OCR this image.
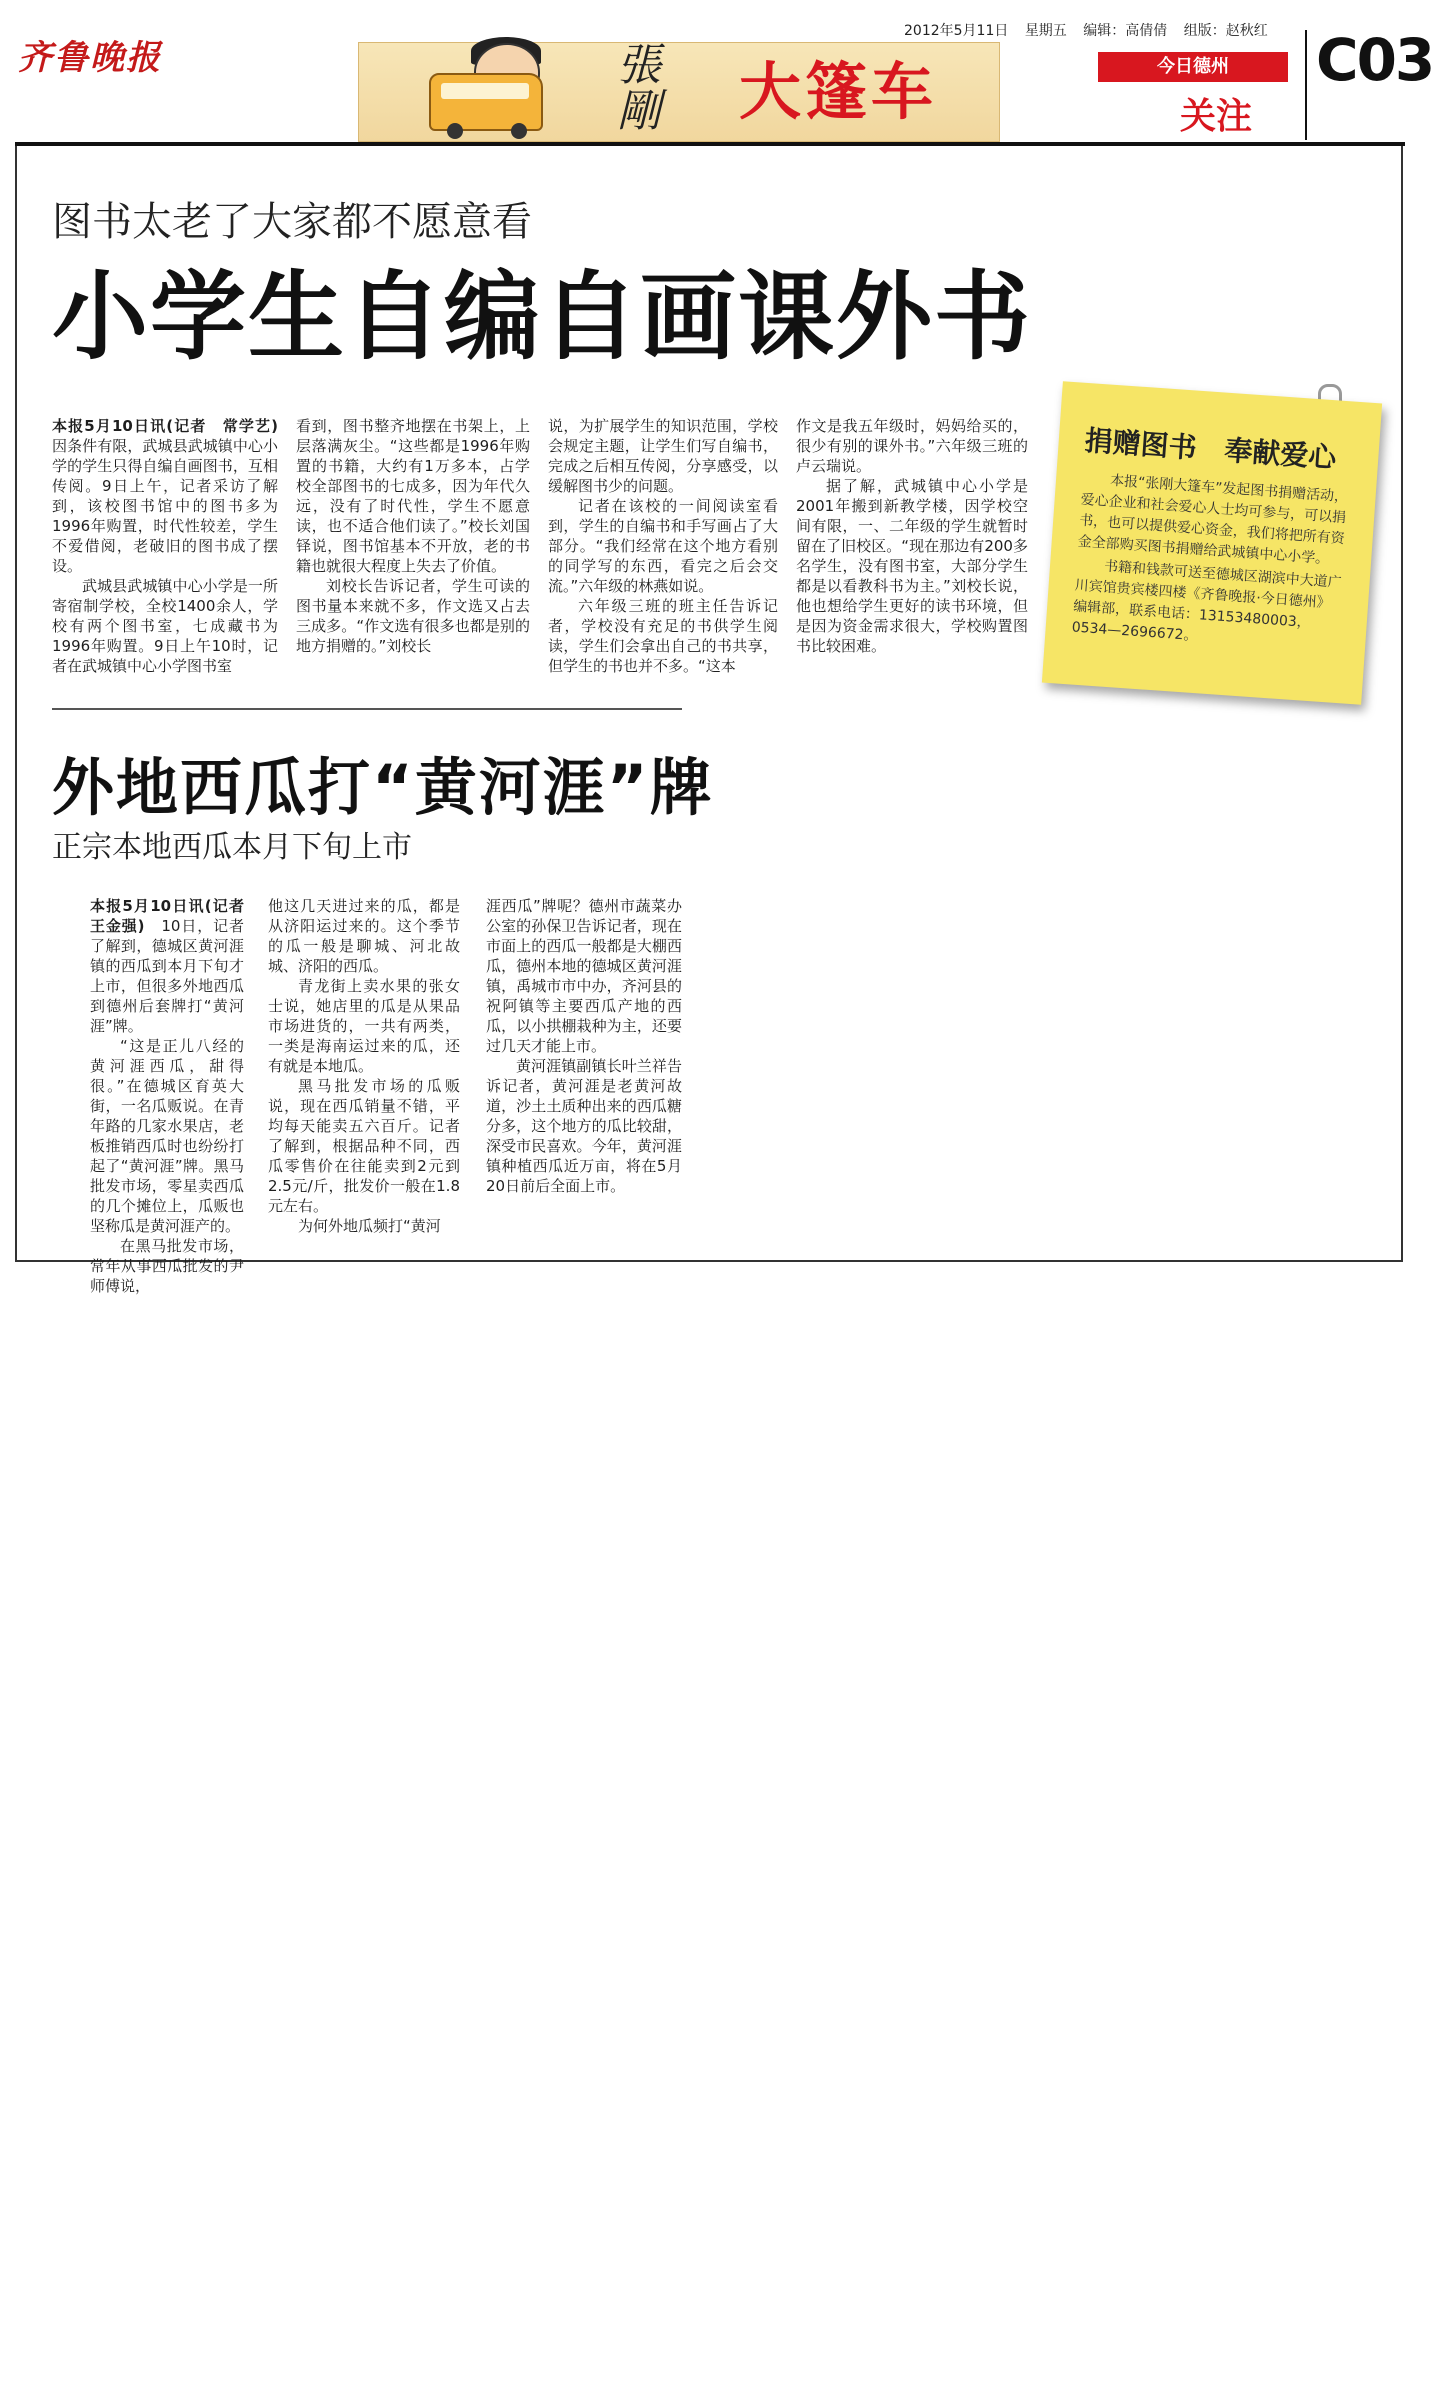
齐鲁晚报	張剛 大篷车
2012年5月11日 星期五 编辑：高倩倩 组版：赵秋红
今日德州
关注
C03
图书太老了大家都不愿意看
小学生自编自画课外书

本报5月10日讯(记者　常学艺)　因条件有限，武城县武城镇中心小学的学生只得自编自画图书，互相传阅。9日上午，记者采访了解到，该校图书馆中的图书多为1996年购置，时代性较差，学生不爱借阅，老破旧的图书成了摆设。

武城县武城镇中心小学是一所寄宿制学校，全校1400余人，学校有两个图书室，七成藏书为1996年购置。9日上午10时，记者在武城镇中心小学图书室

看到，图书整齐地摆在书架上，上层落满灰尘。“这些都是1996年购置的书籍，大约有1万多本，占学校全部图书的七成多，因为年代久远，没有了时代性，学生不愿意读，也不适合他们读了。”校长刘国铎说，图书馆基本不开放，老的书籍也就很大程度上失去了价值。

刘校长告诉记者，学生可读的图书量本来就不多，作文选又占去三成多。“作文选有很多也都是别的地方捐赠的。”刘校长

说，为扩展学生的知识范围，学校会规定主题，让学生们写自编书，完成之后相互传阅，分享感受，以缓解图书少的问题。

记者在该校的一间阅读室看到，学生的自编书和手写画占了大部分。“我们经常在这个地方看别的同学写的东西，看完之后会交流。”六年级的林燕如说。

六年级三班的班主任告诉记者，学校没有充足的书供学生阅读，学生们会拿出自己的书共享，但学生的书也并不多。“这本

作文是我五年级时，妈妈给买的，很少有别的课外书。”六年级三班的卢云瑞说。

据了解，武城镇中心小学是2001年搬到新教学楼，因学校空间有限，一、二年级的学生就暂时留在了旧校区。“现在那边有200多名学生，没有图书室，大部分学生都是以看教科书为主。”刘校长说，他也想给学生更好的读书环境，但是因为资金需求很大，学校购置图书比较困难。

捐赠图书　奉献爱心

本报“张刚大篷车”发起图书捐赠活动，爱心企业和社会爱心人士均可参与，可以捐书，也可以提供爱心资金，我们将把所有资金全部购买图书捐赠给武城镇中心小学。

书籍和钱款可送至德城区湖滨中大道广川宾馆贵宾楼四楼《齐鲁晚报·今日德州》编辑部，联系电话：13153480003，0534—2696672。

外地西瓜打“黄河涯”牌
正宗本地西瓜本月下旬上市

本报5月10日讯(记者　王金强)　 10日，记者了解到，德城区黄河涯镇的西瓜到本月下旬才上市，但很多外地西瓜到德州后套牌打“黄河涯”牌。

“这是正儿八经的黄河涯西瓜，甜得很。”在德城区育英大街，一名瓜贩说。在青年路的几家水果店，老板推销西瓜时也纷纷打起了“黄河涯”牌。黑马批发市场，零星卖西瓜的几个摊位上，瓜贩也坚称瓜是黄河涯产的。

在黑马批发市场，常年从事西瓜批发的尹师傅说，

他这几天进过来的瓜，都是从济阳运过来的。这个季节的瓜一般是聊城、河北故城、济阳的西瓜。

青龙街上卖水果的张女士说，她店里的瓜是从果品市场进货的，一共有两类，一类是海南运过来的瓜，还有就是本地瓜。

黑马批发市场的瓜贩说，现在西瓜销量不错，平均每天能卖五六百斤。记者了解到，根据品种不同，西瓜零售价在往能卖到2元到2.5元/斤，批发价一般在1.8元左右。

为何外地瓜频打“黄河

涯西瓜”牌呢？德州市蔬菜办公室的孙保卫告诉记者，现在市面上的西瓜一般都是大棚西瓜，德州本地的德城区黄河涯镇，禹城市市中办，齐河县的祝阿镇等主要西瓜产地的西瓜，以小拱棚栽种为主，还要过几天才能上市。

黄河涯镇副镇长叶兰祥告诉记者，黄河涯是老黄河故道，沙土土质种出来的西瓜糖分多，这个地方的瓜比较甜，深受市民喜欢。今年，黄河涯镇种植西瓜近万亩，将在5月20日前后全面上市。
